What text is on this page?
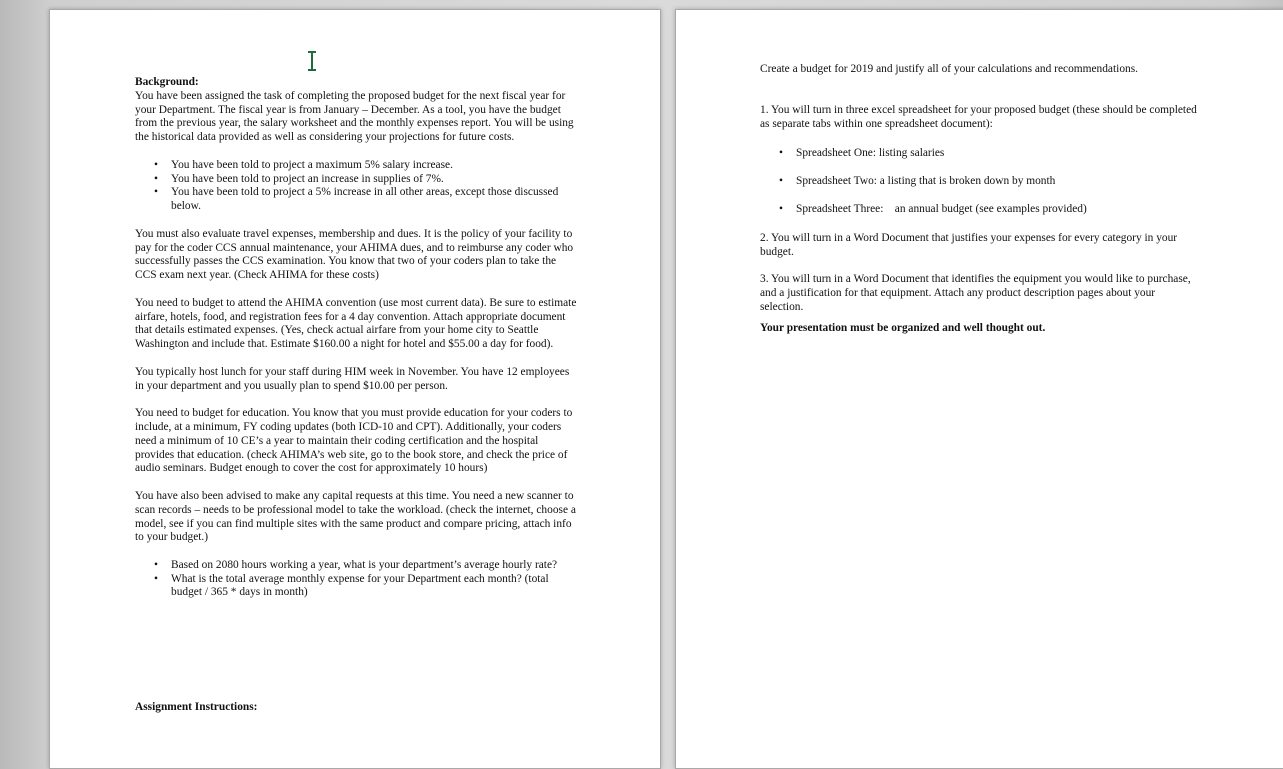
Background:

You have been assigned the task of completing the proposed budget for the next fiscal year for your Department. The fiscal year is from January – December. As a tool, you have the budget from the previous year, the salary worksheet and the monthly expenses report. You will be using the historical data provided as well as considering your projections for future costs.

• You have been told to project a maximum 5% salary increase.
• You have been told to project an increase in supplies of 7%.
• You have been told to project a 5% increase in all other areas, except those discussed below.

You must also evaluate travel expenses, membership and dues. It is the policy of your facility to pay for the coder CCS annual maintenance, your AHIMA dues, and to reimburse any coder who successfully passes the CCS examination. You know that two of your coders plan to take the CCS exam next year. (Check AHIMA for these costs)

You need to budget to attend the AHIMA convention (use most current data). Be sure to estimate airfare, hotels, food, and registration fees for a 4 day convention. Attach appropriate document that details estimated expenses. (Yes, check actual airfare from your home city to Seattle Washington and include that. Estimate $160.00 a night for hotel and $55.00 a day for food).

You typically host lunch for your staff during HIM week in November. You have 12 employees in your department and you usually plan to spend $10.00 per person.

You need to budget for education. You know that you must provide education for your coders to include, at a minimum, FY coding updates (both ICD-10 and CPT). Additionally, your coders need a minimum of 10 CE’s a year to maintain their coding certification and the hospital provides that education. (check AHIMA’s web site, go to the book store, and check the price of audio seminars. Budget enough to cover the cost for approximately 10 hours)

You have also been advised to make any capital requests at this time. You need a new scanner to scan records – needs to be professional model to take the workload. (check the internet, choose a model, see if you can find multiple sites with the same product and compare pricing, attach info to your budget.)

• Based on 2080 hours working a year, what is your department’s average hourly rate?
• What is the total average monthly expense for your Department each month? (total budget / 365 * days in month)
Assignment Instructions:

Create a budget for 2019 and justify all of your calculations and recommendations.

1. You will turn in three excel spreadsheet for your proposed budget (these should be completed as separate tabs within one spreadsheet document):

• Spreadsheet One: listing salaries
• Spreadsheet Two: a listing that is broken down by month
• Spreadsheet Three:    an annual budget (see examples provided)

2. You will turn in a Word Document that justifies your expenses for every category in your budget.

3. You will turn in a Word Document that identifies the equipment you would like to purchase, and a justification for that equipment. Attach any product description pages about your selection.

Your presentation must be organized and well thought out.
